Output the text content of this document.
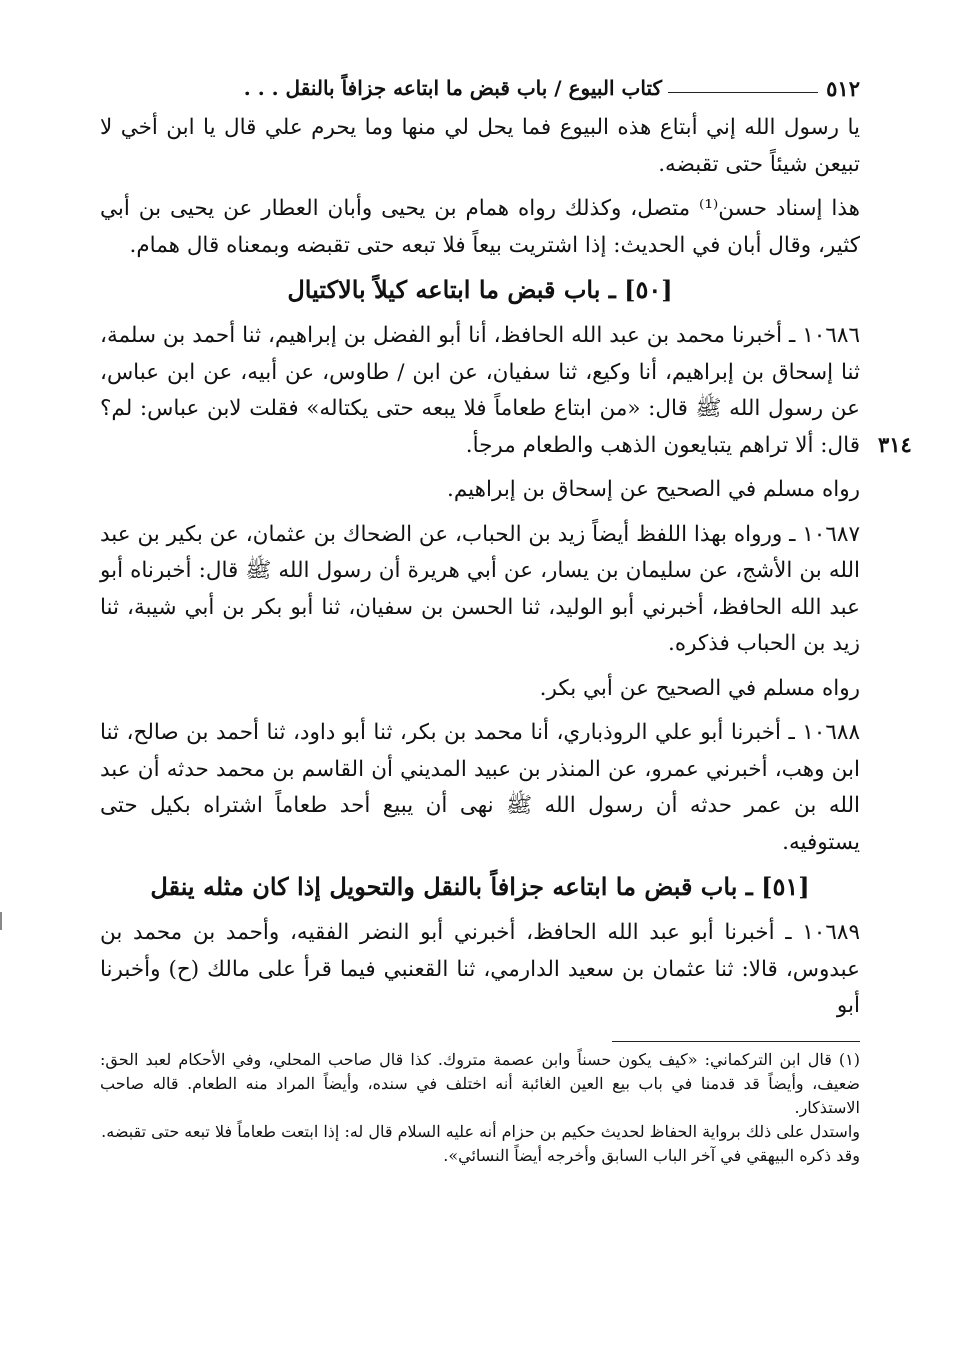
٥١٢
كتاب البيوع / باب قبض ما ابتاعه جزافاً بالنقل . . .

يا رسول الله إني أبتاع هذه البيوع فما يحل لي منها وما يحرم علي قال يا ابن أخي لا تبيعن شيئاً حتى تقبضه.

هذا إسناد حسن⁽¹⁾ متصل، وكذلك رواه همام بن يحيى وأبان العطار عن يحيى بن أبي كثير، وقال أبان في الحديث: إذا اشتريت بيعاً فلا تبعه حتى تقبضه وبمعناه قال همام.

[٥٠] ـ باب قبض ما ابتاعه كيلاً بالاكتيال

١٠٦٨٦ ـ أخبرنا محمد بن عبد الله الحافظ، أنا أبو الفضل بن إبراهيم، ثنا أحمد بن سلمة، ثنا إسحاق بن إبراهيم، أنا وكيع، ثنا سفيان، عن ابن / طاوس، عن أبيه، عن ابن عباس، عن رسول الله ﷺ قال: «من ابتاع طعاماً فلا يبعه حتى يكتاله» فقلت لابن عباس: لم؟ قال: ألا تراهم يتبايعون الذهب والطعام مرجأ.

رواه مسلم في الصحيح عن إسحاق بن إبراهيم.

١٠٦٨٧ ـ ورواه بهذا اللفظ أيضاً زيد بن الحباب، عن الضحاك بن عثمان، عن بكير بن عبد الله بن الأشج، عن سليمان بن يسار، عن أبي هريرة أن رسول الله ﷺ قال: أخبرناه أبو عبد الله الحافظ، أخبرني أبو الوليد، ثنا الحسن بن سفيان، ثنا أبو بكر بن أبي شيبة، ثنا زيد بن الحباب فذكره.

رواه مسلم في الصحيح عن أبي بكر.

١٠٦٨٨ ـ أخبرنا أبو علي الروذباري، أنا محمد بن بكر، ثنا أبو داود، ثنا أحمد بن صالح، ثنا ابن وهب، أخبرني عمرو، عن المنذر بن عبيد المديني أن القاسم بن محمد حدثه أن عبد الله بن عمر حدثه أن رسول الله ﷺ نهى أن يبيع أحد طعاماً اشتراه بكيل حتى يستوفيه.

[٥١] ـ باب قبض ما ابتاعه جزافاً بالنقل والتحويل إذا كان مثله ينقل

١٠٦٨٩ ـ أخبرنا أبو عبد الله الحافظ، أخبرني أبو النضر الفقيه، وأحمد بن محمد بن عبدوس، قالا: ثنا عثمان بن سعيد الدارمي، ثنا القعنبي فيما قرأ على مالك (ح) وأخبرنا أبو

(١) قال ابن التركماني: «كيف يكون حسناً وابن عصمة متروك. كذا قال صاحب المحلي، وفي الأحكام لعبد الحق: ضعيف، وأيضاً قد قدمنا في باب بيع العين الغائبة أنه اختلف في سنده، وأيضاً المراد منه الطعام. قاله صاحب الاستذكار.

واستدل على ذلك برواية الحفاظ لحديث حكيم بن حزام أنه عليه السلام قال له: إذا ابتعت طعاماً فلا تبعه حتى تقبضه.

وقد ذكره البيهقي في آخر الباب السابق وأخرجه أيضاً النسائي».

٣١٤
